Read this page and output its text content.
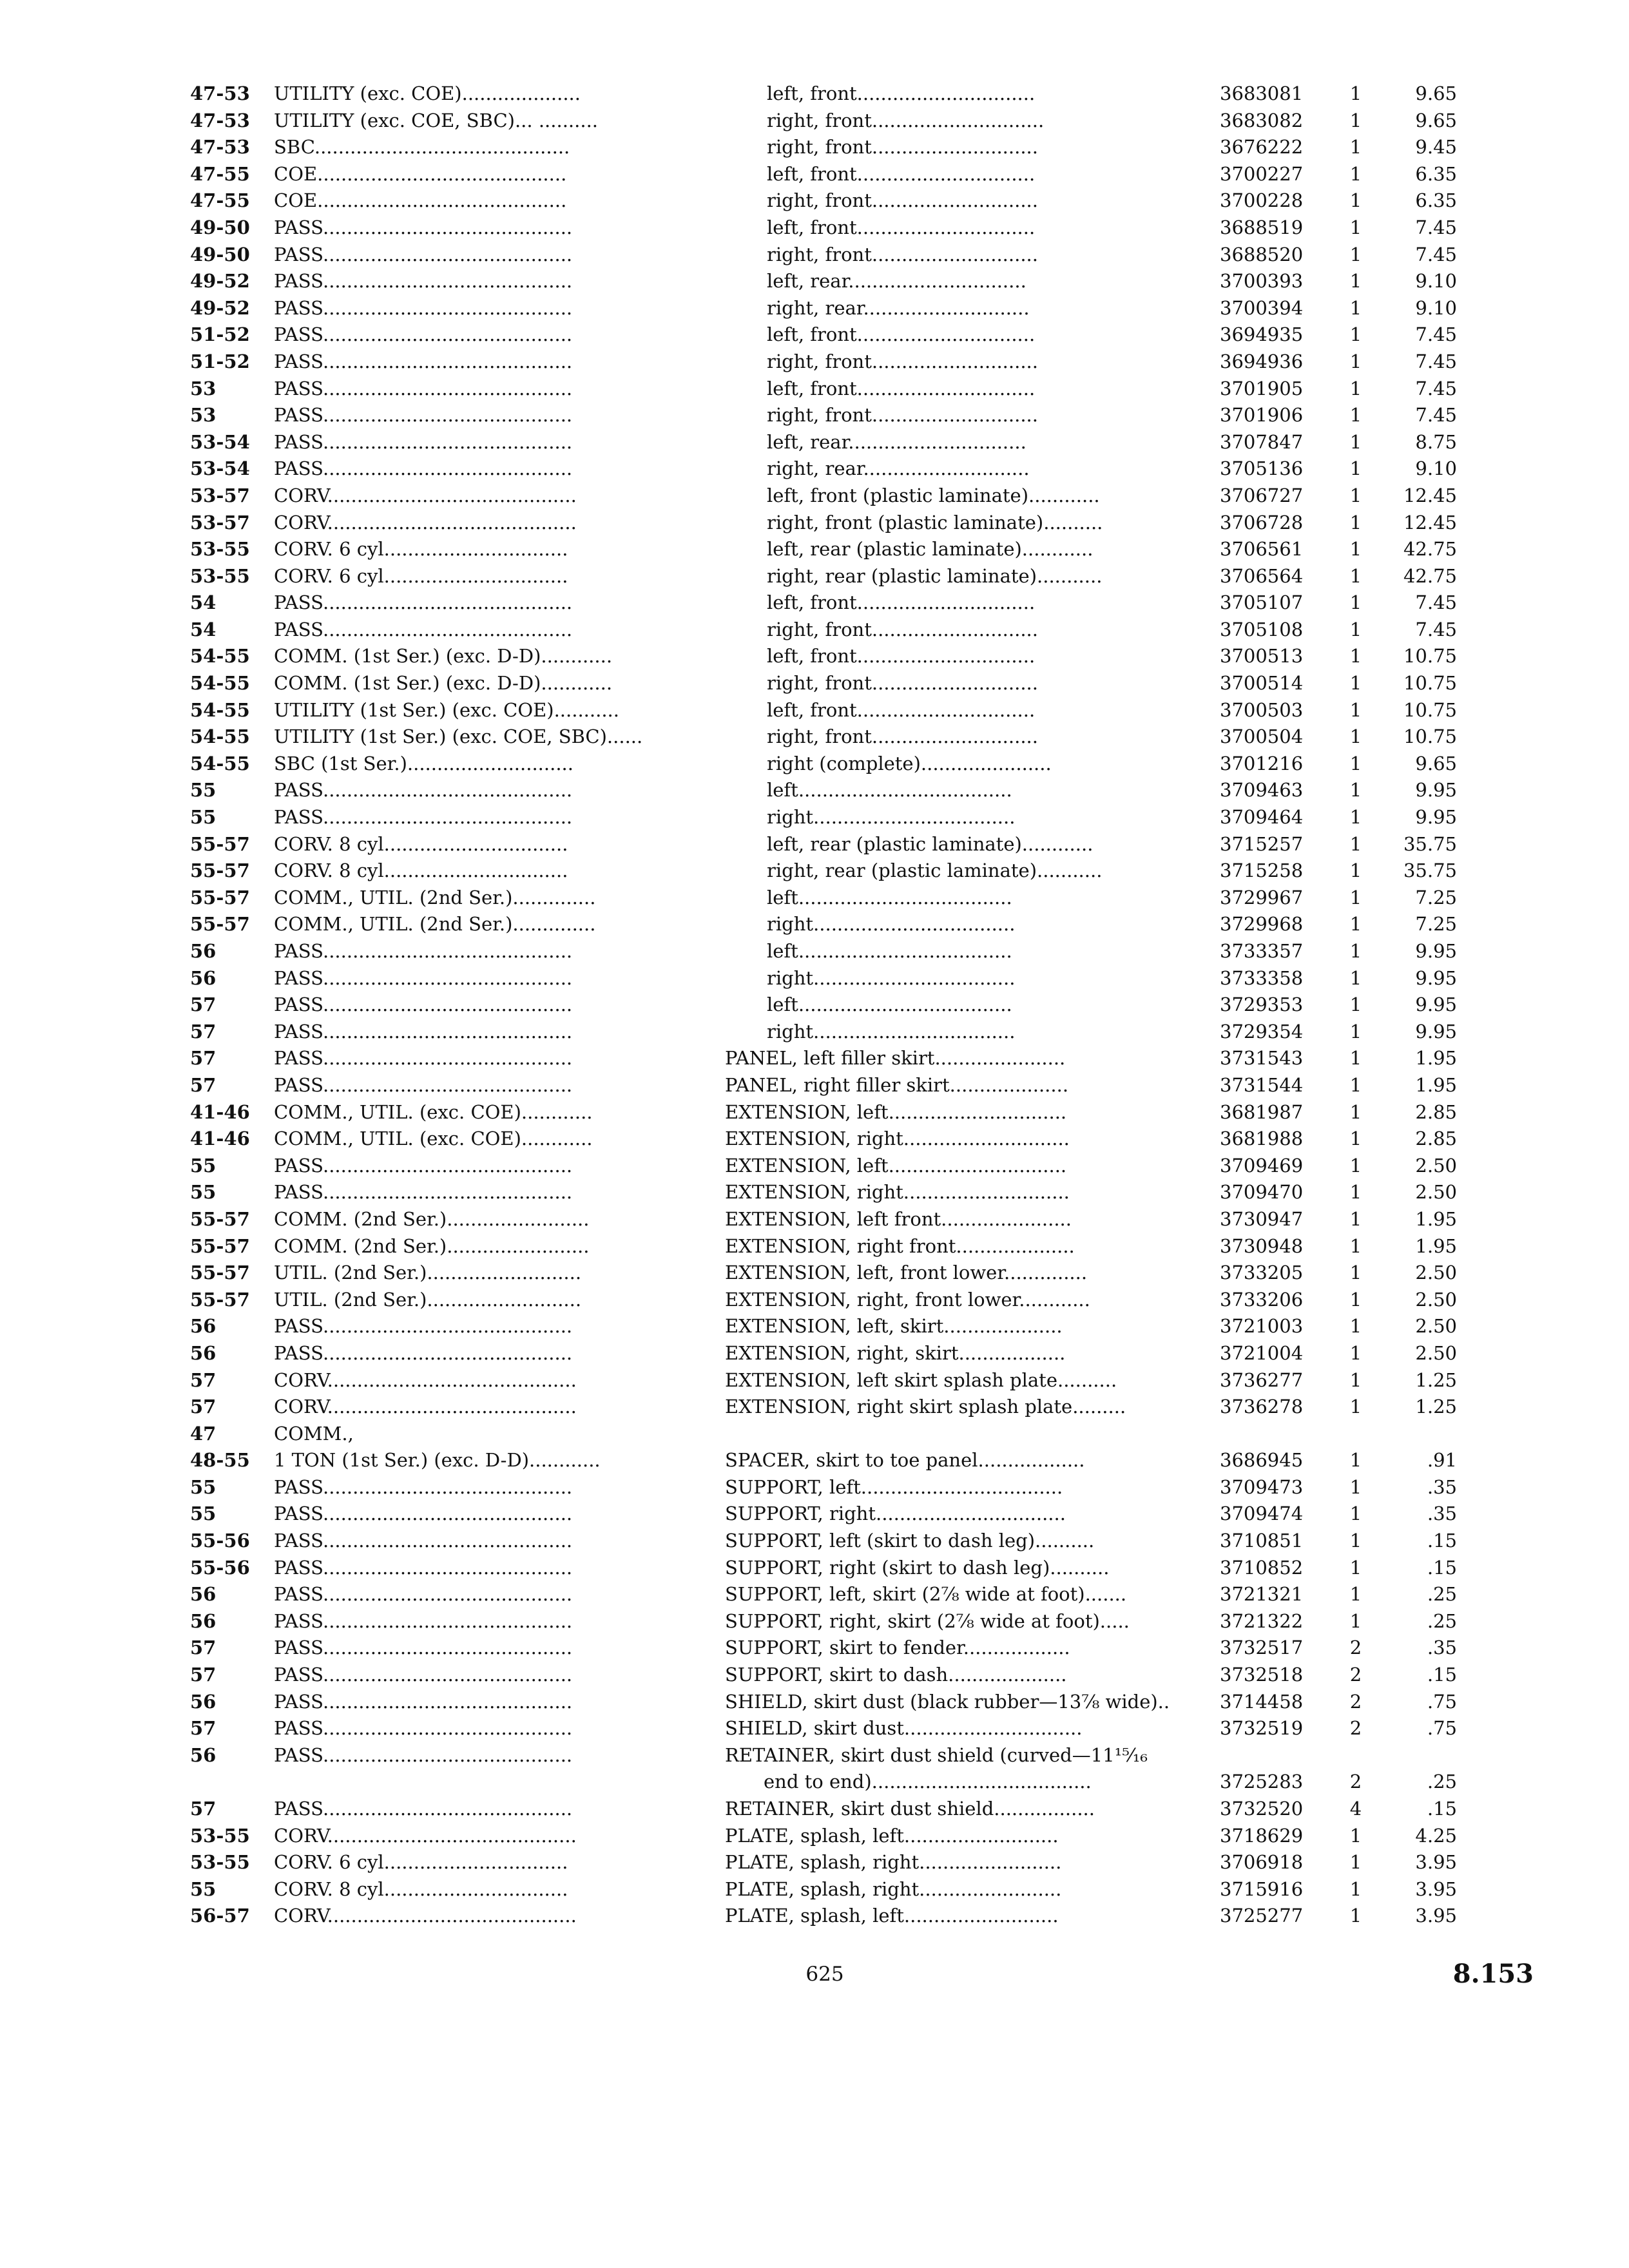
47-53	UTILITY (exc. COE)....................	left, front..............................	3683081	1	9.65
47-53	UTILITY (exc. COE, SBC)... ..........	right, front.............................	3683082	1	9.65
47-53	SBC...........................................	right, front............................	3676222	1	9.45
47-55	COE..........................................	left, front..............................	3700227	1	6.35
47-55	COE..........................................	right, front............................	3700228	1	6.35
49-50	PASS..........................................	left, front..............................	3688519	1	7.45
49-50	PASS..........................................	right, front............................	3688520	1	7.45
49-52	PASS..........................................	left, rear..............................	3700393	1	9.10
49-52	PASS..........................................	right, rear............................	3700394	1	9.10
51-52	PASS..........................................	left, front..............................	3694935	1	7.45
51-52	PASS..........................................	right, front............................	3694936	1	7.45
53	PASS..........................................	left, front..............................	3701905	1	7.45
53	PASS..........................................	right, front............................	3701906	1	7.45
53-54	PASS..........................................	left, rear..............................	3707847	1	8.75
53-54	PASS..........................................	right, rear............................	3705136	1	9.10
53-57	CORV..........................................	left, front (plastic laminate)............	3706727	1	12.45
53-57	CORV..........................................	right, front (plastic laminate)..........	3706728	1	12.45
53-55	CORV. 6 cyl...............................	left, rear (plastic laminate)............	3706561	1	42.75
53-55	CORV. 6 cyl...............................	right, rear (plastic laminate)...........	3706564	1	42.75
54	PASS..........................................	left, front..............................	3705107	1	7.45
54	PASS..........................................	right, front............................	3705108	1	7.45
54-55	COMM. (1st Ser.) (exc. D-D)............	left, front..............................	3700513	1	10.75
54-55	COMM. (1st Ser.) (exc. D-D)............	right, front............................	3700514	1	10.75
54-55	UTILITY (1st Ser.) (exc. COE)...........	left, front..............................	3700503	1	10.75
54-55	UTILITY (1st Ser.) (exc. COE, SBC)......	right, front............................	3700504	1	10.75
54-55	SBC (1st Ser.)............................	right (complete)......................	3701216	1	9.65
55	PASS..........................................	left....................................	3709463	1	9.95
55	PASS..........................................	right..................................	3709464	1	9.95
55-57	CORV. 8 cyl...............................	left, rear (plastic laminate)............	3715257	1	35.75
55-57	CORV. 8 cyl...............................	right, rear (plastic laminate)...........	3715258	1	35.75
55-57	COMM., UTIL. (2nd Ser.)..............	left....................................	3729967	1	7.25
55-57	COMM., UTIL. (2nd Ser.)..............	right..................................	3729968	1	7.25
56	PASS..........................................	left....................................	3733357	1	9.95
56	PASS..........................................	right..................................	3733358	1	9.95
57	PASS..........................................	left....................................	3729353	1	9.95
57	PASS..........................................	right..................................	3729354	1	9.95
57	PASS..........................................	PANEL, left filler skirt......................	3731543	1	1.95
57	PASS..........................................	PANEL, right filler skirt....................	3731544	1	1.95
41-46	COMM., UTIL. (exc. COE)............	EXTENSION, left..............................	3681987	1	2.85
41-46	COMM., UTIL. (exc. COE)............	EXTENSION, right............................	3681988	1	2.85
55	PASS..........................................	EXTENSION, left..............................	3709469	1	2.50
55	PASS..........................................	EXTENSION, right............................	3709470	1	2.50
55-57	COMM. (2nd Ser.)........................	EXTENSION, left front......................	3730947	1	1.95
55-57	COMM. (2nd Ser.)........................	EXTENSION, right front....................	3730948	1	1.95
55-57	UTIL. (2nd Ser.)..........................	EXTENSION, left, front lower..............	3733205	1	2.50
55-57	UTIL. (2nd Ser.)..........................	EXTENSION, right, front lower............	3733206	1	2.50
56	PASS..........................................	EXTENSION, left, skirt....................	3721003	1	2.50
56	PASS..........................................	EXTENSION, right, skirt..................	3721004	1	2.50
57	CORV..........................................	EXTENSION, left skirt splash plate..........	3736277	1	1.25
57	CORV..........................................	EXTENSION, right skirt splash plate.........	3736278	1	1.25
47	COMM.,
48-55	1 TON (1st Ser.) (exc. D-D)............	SPACER, skirt to toe panel..................	3686945	1	.91
55	PASS..........................................	SUPPORT, left..................................	3709473	1	.35
55	PASS..........................................	SUPPORT, right................................	3709474	1	.35
55-56	PASS..........................................	SUPPORT, left (skirt to dash leg)..........	3710851	1	.15
55-56	PASS..........................................	SUPPORT, right (skirt to dash leg)..........	3710852	1	.15
56	PASS..........................................	SUPPORT, left, skirt (2⅞ wide at foot).......	3721321	1	.25
56	PASS..........................................	SUPPORT, right, skirt (2⅞ wide at foot).....	3721322	1	.25
57	PASS..........................................	SUPPORT, skirt to fender..................	3732517	2	.35
57	PASS..........................................	SUPPORT, skirt to dash....................	3732518	2	.15
56	PASS..........................................	SHIELD, skirt dust (black rubber—13⅞ wide)..	3714458	2	.75
57	PASS..........................................	SHIELD, skirt dust..............................	3732519	2	.75
56	PASS..........................................	RETAINER, skirt dust shield (curved—11¹⁵⁄₁₆
end to end).....................................	3725283	2	.25
57	PASS..........................................	RETAINER, skirt dust shield.................	3732520	4	.15
53-55	CORV..........................................	PLATE, splash, left..........................	3718629	1	4.25
53-55	CORV. 6 cyl...............................	PLATE, splash, right........................	3706918	1	3.95
55	CORV. 8 cyl...............................	PLATE, splash, right........................	3715916	1	3.95
56-57	CORV..........................................	PLATE, splash, left..........................	3725277	1	3.95
625	8.153
